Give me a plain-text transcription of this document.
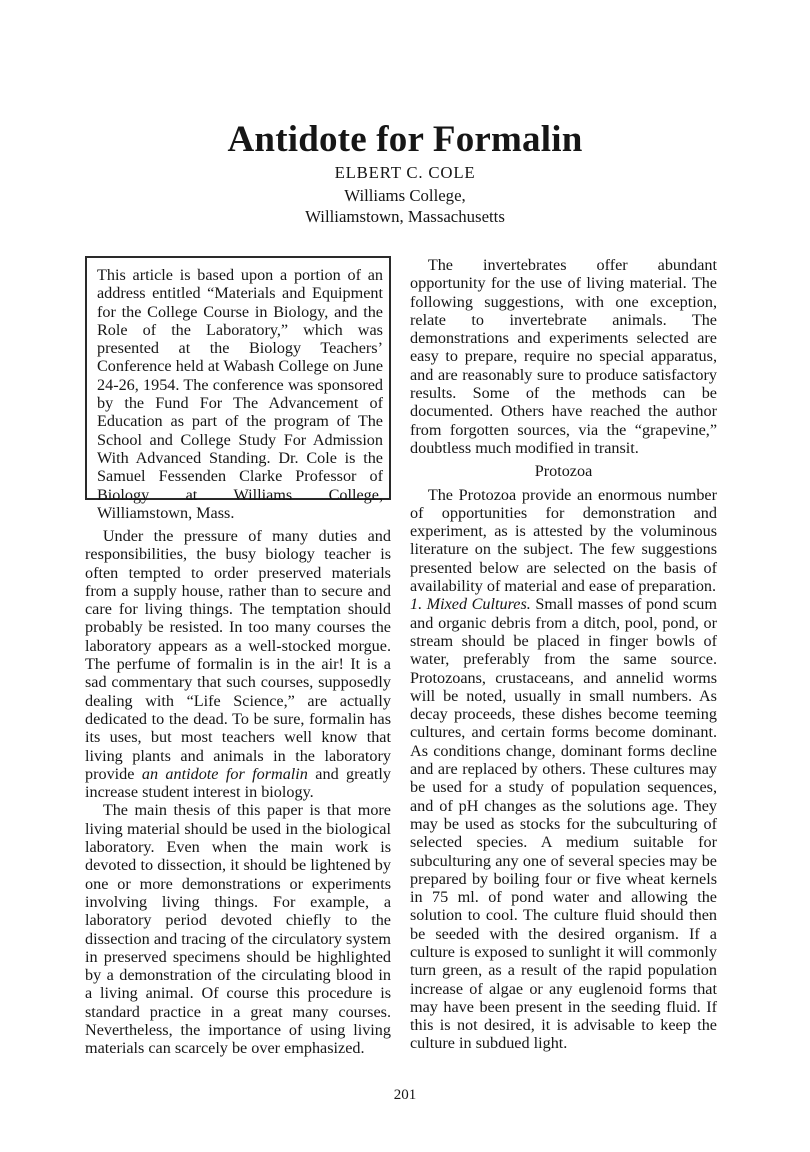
Antidote for Formalin
ELBERT C. COLE
Williams College,
Williamstown, Massachusetts

This article is based upon a portion of an address entitled “Materials and Equipment for the College Course in Biology, and the Role of the Laboratory,” which was presented at the Biology Teachers’ Conference held at Wabash College on June 24-26, 1954. The conference was sponsored by the Fund For The Advancement of Education as part of the program of The School and College Study For Admission With Advanced Standing. Dr. Cole is the Samuel Fessenden Clarke Professor of Biology at Williams College, Williamstown, Mass.

Under the pressure of many duties and responsibilities, the busy biology teacher is often tempted to order preserved materials from a supply house, rather than to secure and care for living things. The temptation should probably be resisted. In too many courses the laboratory appears as a well-stocked morgue. The perfume of formalin is in the air! It is a sad commentary that such courses, supposedly dealing with “Life Science,” are actually dedicated to the dead. To be sure, formalin has its uses, but most teachers well know that living plants and animals in the laboratory provide an antidote for formalin and greatly increase student interest in biology.

The main thesis of this paper is that more living material should be used in the biological laboratory. Even when the main work is devoted to dissection, it should be lightened by one or more demonstrations or experiments involving living things. For example, a laboratory period devoted chiefly to the dissection and tracing of the circulatory system in preserved specimens should be highlighted by a demonstration of the circulating blood in a living animal. Of course this procedure is standard practice in a great many courses. Nevertheless, the importance of using living materials can scarcely be over emphasized.

The invertebrates offer abundant opportunity for the use of living material. The following suggestions, with one exception, relate to invertebrate animals. The demonstrations and experiments selected are easy to prepare, require no special apparatus, and are reasonably sure to produce satisfactory results. Some of the methods can be documented. Others have reached the author from forgotten sources, via the “grapevine,” doubtless much modified in transit.

Protozoa

The Protozoa provide an enormous number of opportunities for demonstration and experiment, as is attested by the voluminous literature on the subject. The few suggestions presented below are selected on the basis of availability of material and ease of preparation.

1. Mixed Cultures. Small masses of pond scum and organic debris from a ditch, pool, pond, or stream should be placed in finger bowls of water, preferably from the same source. Protozoans, crustaceans, and annelid worms will be noted, usually in small numbers. As decay proceeds, these dishes become teeming cultures, and certain forms become dominant. As conditions change, dominant forms decline and are replaced by others. These cultures may be used for a study of population sequences, and of pH changes as the solutions age. They may be used as stocks for the subculturing of selected species. A medium suitable for subculturing any one of several species may be prepared by boiling four or five wheat kernels in 75 ml. of pond water and allowing the solution to cool. The culture fluid should then be seeded with the desired organism. If a culture is exposed to sunlight it will commonly turn green, as a result of the rapid population increase of algae or any euglenoid forms that may have been present in the seeding fluid. If this is not desired, it is advisable to keep the culture in subdued light.

201
